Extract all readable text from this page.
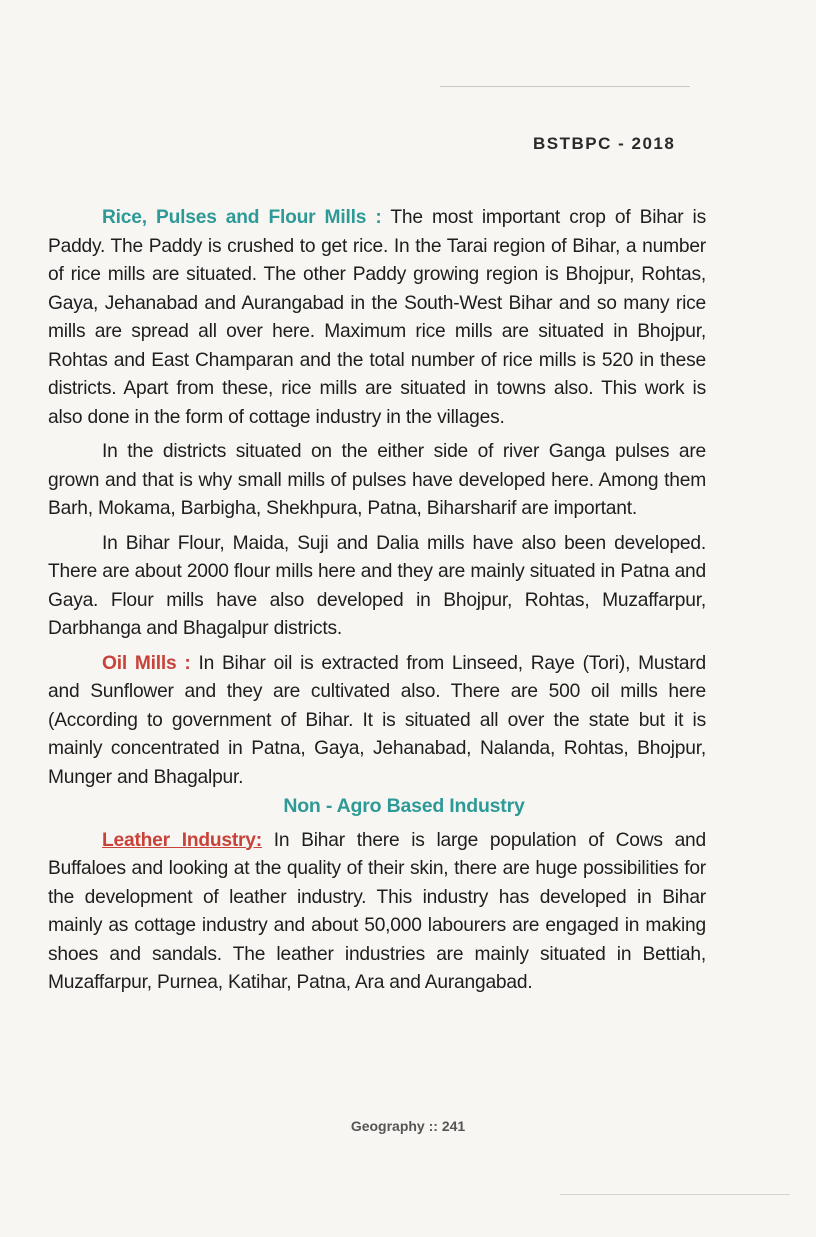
BSTBPC - 2018

Rice, Pulses and Flour Mills : The most important crop of Bihar is Paddy. The Paddy is crushed to get rice. In the Tarai region of Bihar, a number of rice mills are situated. The other Paddy growing region is Bhojpur, Rohtas, Gaya, Jehanabad and Aurangabad in the South-West Bihar and so many rice mills are spread all over here. Maximum rice mills are situated in Bhojpur, Rohtas and East Champaran and the total number of rice mills is 520 in these districts. Apart from these, rice mills are situated in towns also. This work is also done in the form of cottage industry in the villages.

In the districts situated on the either side of river Ganga pulses are grown and that is why small mills of pulses have developed here. Among them Barh, Mokama, Barbigha, Shekhpura, Patna, Biharsharif are important.

In Bihar Flour, Maida, Suji and Dalia mills have also been developed. There are about 2000 flour mills here and they are mainly situated in Patna and Gaya. Flour mills have also developed in Bhojpur, Rohtas, Muzaffarpur, Darbhanga and Bhagalpur districts.

Oil Mills : In Bihar oil is extracted from Linseed, Raye (Tori), Mustard and Sunflower and they are cultivated also. There are 500 oil mills here (According to government of Bihar. It is situated all over the state but it is mainly concentrated in Patna, Gaya, Jehanabad, Nalanda, Rohtas, Bhojpur, Munger and Bhagalpur.

Non - Agro Based Industry

Leather Industry: In Bihar there is large population of Cows and Buffaloes and looking at the quality of their skin, there are huge possibilities for the development of leather industry. This industry has developed in Bihar mainly as cottage industry and about 50,000 labourers are engaged in making shoes and sandals. The leather industries are mainly situated in Bettiah, Muzaffarpur, Purnea, Katihar, Patna, Ara and Aurangabad.

Geography :: 241
